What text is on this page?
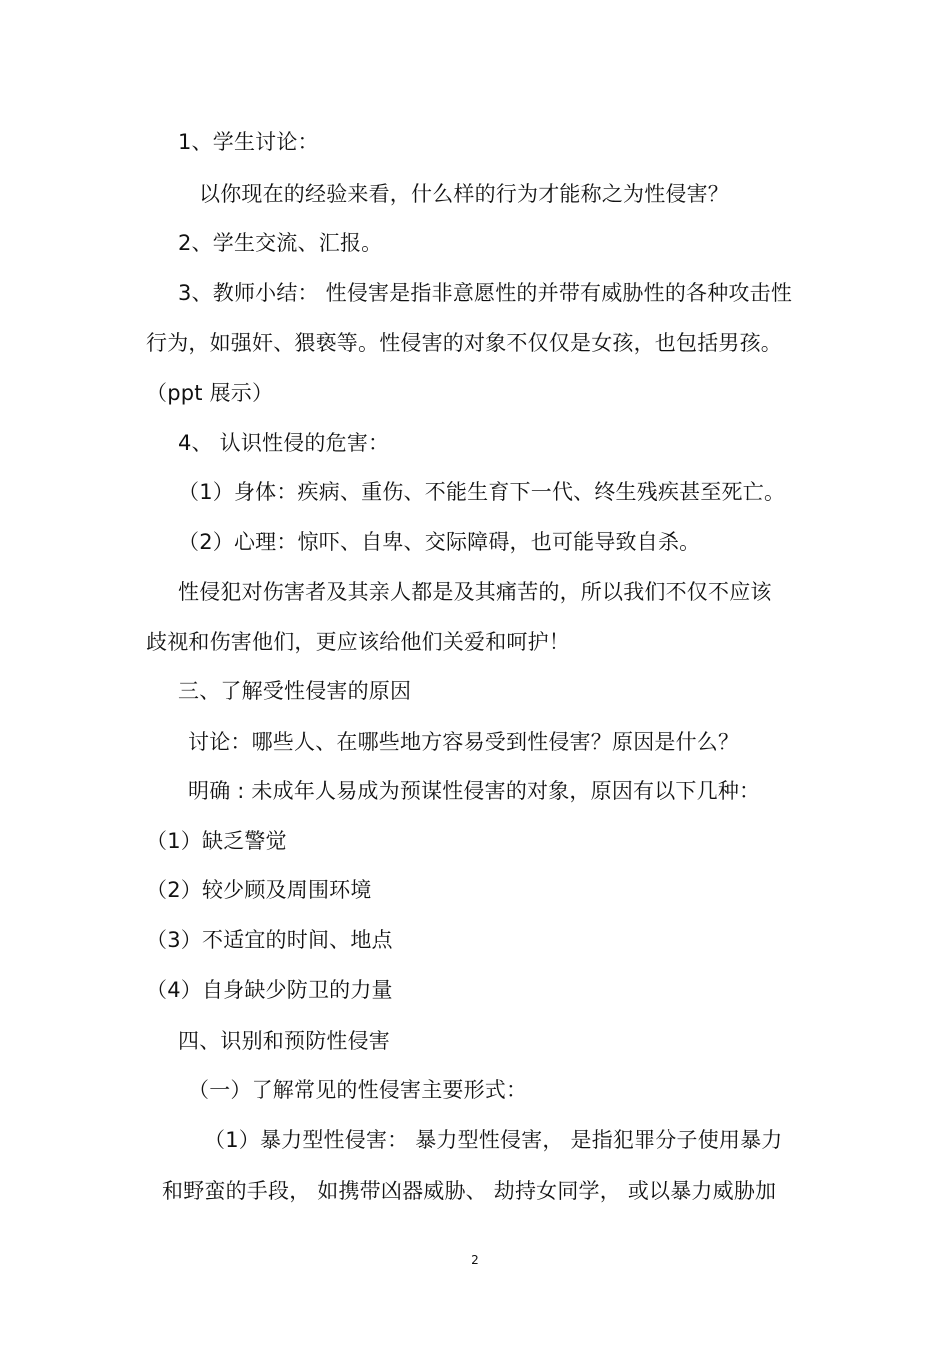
1、学生讨论：
以你现在的经验来看，什么样的行为才能称之为性侵害？
2、学生交流、汇报。
3、教师小结： 性侵害是指非意愿性的并带有威胁性的各种攻击性
行为，如强奸、猥亵等。性侵害的对象不仅仅是女孩，也包括男孩。
（ppt 展示）
4、 认识性侵的危害：
（1）身体：疾病、重伤、不能生育下一代、终生残疾甚至死亡。
（2）心理：惊吓、自卑、交际障碍，也可能导致自杀。
性侵犯对伤害者及其亲人都是及其痛苦的，所以我们不仅不应该
歧视和伤害他们，更应该给他们关爱和呵护！
三、了解受性侵害的原因
讨论：哪些人、在哪些地方容易受到性侵害？原因是什么？
明确 : 未成年人易成为预谋性侵害的对象，原因有以下几种：
（1）缺乏警觉
（2）较少顾及周围环境
（3）不适宜的时间、地点
（4）自身缺少防卫的力量
四、识别和预防性侵害
（一）了解常见的性侵害主要形式：
（1）暴力型性侵害： 暴力型性侵害， 是指犯罪分子使用暴力
和野蛮的手段， 如携带凶器威胁、 劫持女同学， 或以暴力威胁加
2
